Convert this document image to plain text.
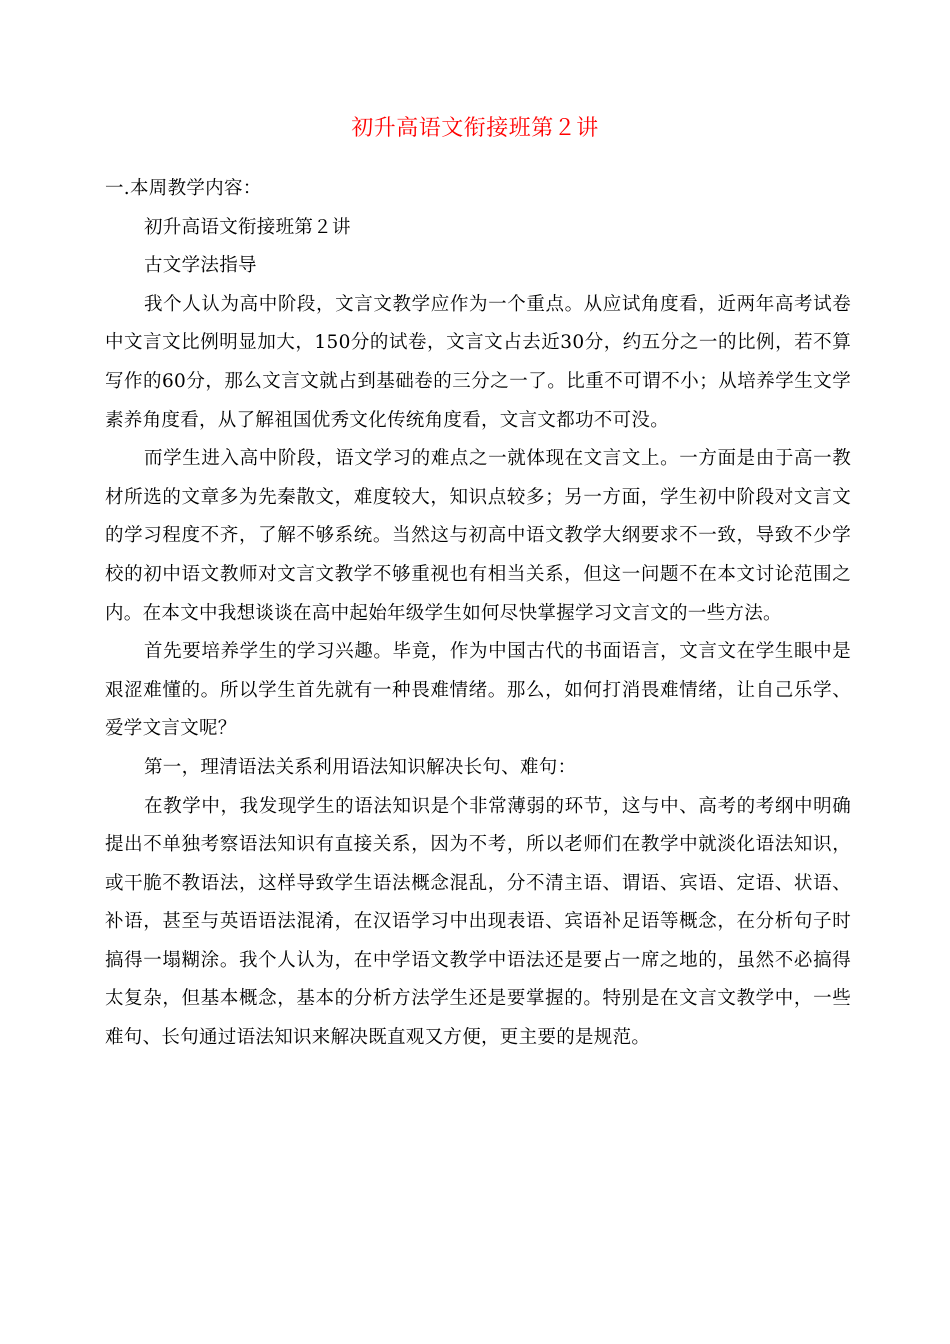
初升高语文衔接班第２讲

一.本周教学内容：

初升高语文衔接班第２讲

古文学法指导

我个人认为高中阶段，文言文教学应作为一个重点。从应试角度看，近两年高考试卷中文言文比例明显加大，150分的试卷，文言文占去近30分，约五分之一的比例，若不算写作的60分，那么文言文就占到基础卷的三分之一了。比重不可谓不小；从培养学生文学素养角度看，从了解祖国优秀文化传统角度看，文言文都功不可没。

而学生进入高中阶段，语文学习的难点之一就体现在文言文上。一方面是由于高一教材所选的文章多为先秦散文，难度较大，知识点较多；另一方面，学生初中阶段对文言文的学习程度不齐，了解不够系统。当然这与初高中语文教学大纲要求不一致，导致不少学校的初中语文教师对文言文教学不够重视也有相当关系，但这一问题不在本文讨论范围之内。在本文中我想谈谈在高中起始年级学生如何尽快掌握学习文言文的一些方法。

首先要培养学生的学习兴趣。毕竟，作为中国古代的书面语言，文言文在学生眼中是艰涩难懂的。所以学生首先就有一种畏难情绪。那么，如何打消畏难情绪，让自己乐学、爱学文言文呢？

第一，理清语法关系利用语法知识解决长句、难句：

在教学中，我发现学生的语法知识是个非常薄弱的环节，这与中、高考的考纲中明确提出不单独考察语法知识有直接关系，因为不考，所以老师们在教学中就淡化语法知识，或干脆不教语法，这样导致学生语法概念混乱，分不清主语、谓语、宾语、定语、状语、补语，甚至与英语语法混淆，在汉语学习中出现表语、宾语补足语等概念，在分析句子时搞得一塌糊涂。我个人认为，在中学语文教学中语法还是要占一席之地的，虽然不必搞得太复杂，但基本概念，基本的分析方法学生还是要掌握的。特别是在文言文教学中，一些难句、长句通过语法知识来解决既直观又方便，更主要的是规范。
